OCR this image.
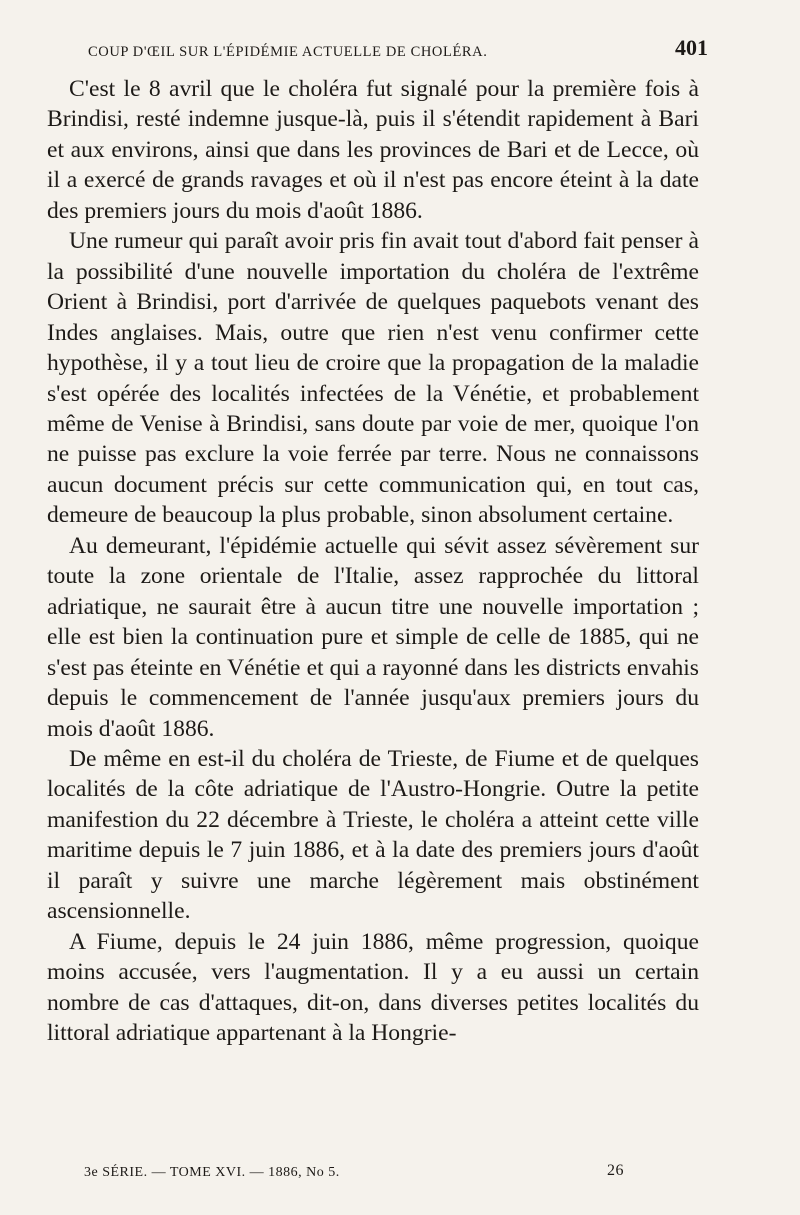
COUP D'ŒIL SUR L'ÉPIDÉMIE ACTUELLE DE CHOLÉRA.	401

C'est le 8 avril que le choléra fut signalé pour la première fois à Brindisi, resté indemne jusque-là, puis il s'étendit rapidement à Bari et aux environs, ainsi que dans les provinces de Bari et de Lecce, où il a exercé de grands ravages et où il n'est pas encore éteint à la date des premiers jours du mois d'août 1886.

Une rumeur qui paraît avoir pris fin avait tout d'abord fait penser à la possibilité d'une nouvelle importation du choléra de l'extrême Orient à Brindisi, port d'arrivée de quelques paquebots venant des Indes anglaises. Mais, outre que rien n'est venu confirmer cette hypothèse, il y a tout lieu de croire que la propagation de la maladie s'est opérée des localités infectées de la Vénétie, et probablement même de Venise à Brindisi, sans doute par voie de mer, quoique l'on ne puisse pas exclure la voie ferrée par terre. Nous ne connaissons aucun document précis sur cette communication qui, en tout cas, demeure de beaucoup la plus probable, sinon absolument certaine.

Au demeurant, l'épidémie actuelle qui sévit assez sévèrement sur toute la zone orientale de l'Italie, assez rapprochée du littoral adriatique, ne saurait être à aucun titre une nouvelle importation ; elle est bien la continuation pure et simple de celle de 1885, qui ne s'est pas éteinte en Vénétie et qui a rayonné dans les districts envahis depuis le commencement de l'année jusqu'aux premiers jours du mois d'août 1886.

De même en est-il du choléra de Trieste, de Fiume et de quelques localités de la côte adriatique de l'Austro-Hongrie. Outre la petite manifestion du 22 décembre à Trieste, le choléra a atteint cette ville maritime depuis le 7 juin 1886, et à la date des premiers jours d'août il paraît y suivre une marche légèrement mais obstinément ascensionnelle.

A Fiume, depuis le 24 juin 1886, même progression, quoique moins accusée, vers l'augmentation. Il y a eu aussi un certain nombre de cas d'attaques, dit-on, dans diverses petites localités du littoral adriatique appartenant à la Hongrie-

3e SÉRIE. — TOME XVI. — 1886, No 5.	26
